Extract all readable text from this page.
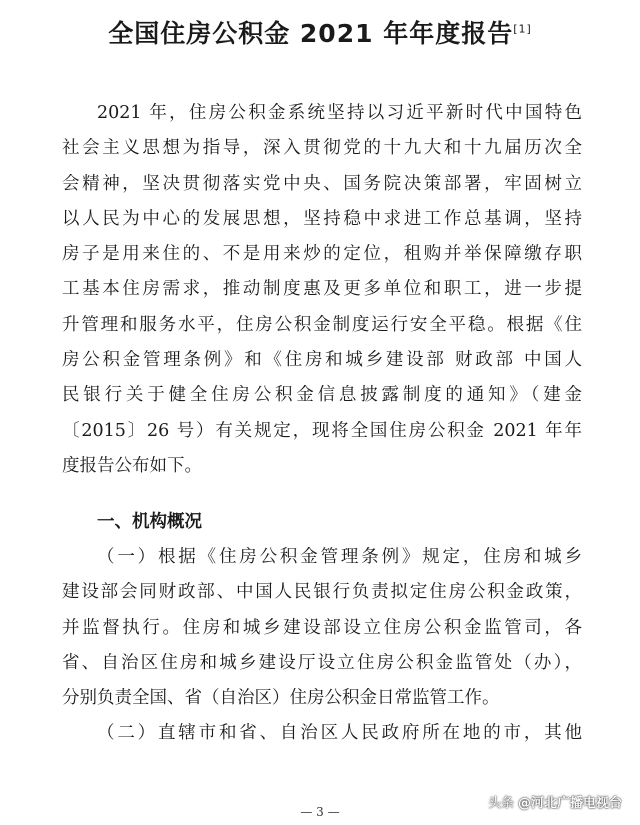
全国住房公积金 2021 年年度报告[1]
2021 年，住房公积金系统坚持以习近平新时代中国特色
社会主义思想为指导，深入贯彻党的十九大和十九届历次全
会精神，坚决贯彻落实党中央、国务院决策部署，牢固树立
以人民为中心的发展思想，坚持稳中求进工作总基调，坚持
房子是用来住的、不是用来炒的定位，租购并举保障缴存职
工基本住房需求，推动制度惠及更多单位和职工，进一步提
升管理和服务水平，住房公积金制度运行安全平稳。根据《住
房公积金管理条例》和《住房和城乡建设部 财政部 中国人
民银行关于健全住房公积金信息披露制度的通知》（建金
〔2015〕26 号）有关规定，现将全国住房公积金 2021 年年
度报告公布如下。
一、机构概况
（一）根据《住房公积金管理条例》规定，住房和城乡
建设部会同财政部、中国人民银行负责拟定住房公积金政策，
并监督执行。住房和城乡建设部设立住房公积金监管司，各
省、自治区住房和城乡建设厅设立住房公积金监管处（办），
分别负责全国、省（自治区）住房公积金日常监管工作。
（二）直辖市和省、自治区人民政府所在地的市，其他
— 3 —
头条 @河北广播电视台
